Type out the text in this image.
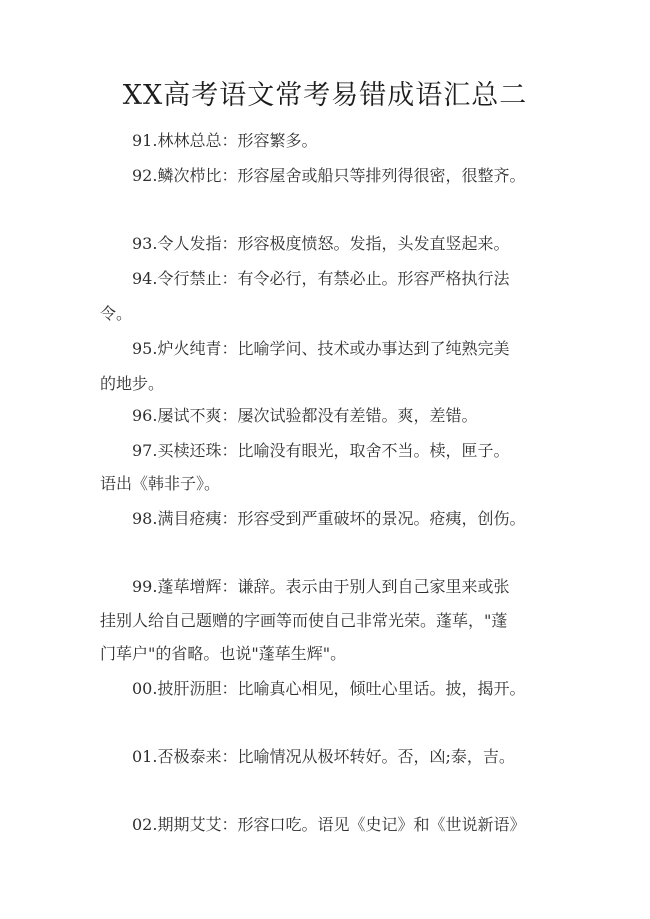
XX高考语文常考易错成语汇总二
91.林林总总：形容繁多。
92.鳞次栉比：形容屋舍或船只等排列得很密，很整齐。
93.令人发指：形容极度愤怒。发指，头发直竖起来。
94.令行禁止：有令必行，有禁必止。形容严格执行法
令。
95.炉火纯青：比喻学问、技术或办事达到了纯熟完美
的地步。
96.屡试不爽：屡次试验都没有差错。爽，差错。
97.买椟还珠：比喻没有眼光，取舍不当。椟，匣子。
语出《韩非子》。
98.满目疮痍：形容受到严重破坏的景况。疮痍，创伤。
99.蓬荜增辉：谦辞。表示由于别人到自己家里来或张
挂别人给自己题赠的字画等而使自己非常光荣。蓬荜，"蓬
门荜户"的省略。也说"蓬荜生辉"。
00.披肝沥胆：比喻真心相见，倾吐心里话。披，揭开。
01.否极泰来：比喻情况从极坏转好。否，凶;泰，吉。
02.期期艾艾：形容口吃。语见《史记》和《世说新语》
